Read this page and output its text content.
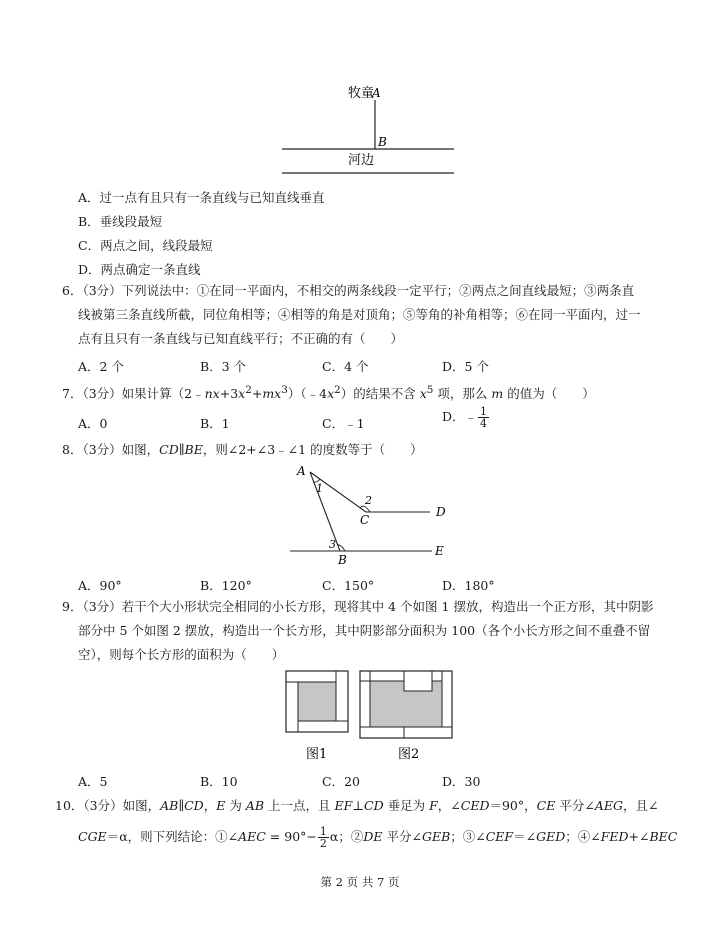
牧童
A
B
河边
A．过一点有且只有一条直线与已知直线垂直
B．垂线段最短
C．两点之间，线段最短
D．两点确定一条直线
6．（3分）下列说法中：①在同一平面内，不相交的两条线段一定平行；②两点之间直线最短；③两条直
线被第三条直线所截，同位角相等；④相等的角是对顶角；⑤等角的补角相等；⑥在同一平面内，过一
点有且只有一条直线与已知直线平行；不正确的有（　　）
A．2 个	B．3 个	C．4 个	D．5 个
7．（3分）如果计算$(2﹣nx+3x^2+mx^3)(﹣4x^2)$的结果不含 $x^5$ 项，那么 m 的值为（　　）
A．0	B．1	C．﹣1	D．﹣ $\frac{1}{4}$
8．（3分）如图，CD∥BE，则∠2+∠3﹣∠1 的度数等于（　　）
A
1
2
C
D
3
B
E
A．90°	B．120°	C．150°	D．180°
9．（3分）若干个大小形状完全相同的小长方形，现将其中 4 个如图 1 摆放，构造出一个正方形，其中阴影
部分中 5 个如图 2 摆放，构造出一个长方形，其中阴影部分面积为 100（各个小长方形之间不重叠不留
空），则每个长方形的面积为（　　）
图1	图2
A．5	B．10	C．20	D．30
10．（3分）如图，AB∥CD，E 为 AB 上一点，且 EF⊥CD 垂足为 F，∠CED＝90°，CE 平分∠AEG，且∠
CGE＝α，则下列结论：①∠AEC = $90^\circ- \frac{1}{2}$ α；②DE 平分∠GEB；③∠CEF＝∠GED；④∠FED+∠BEC
第 2 页 共 7 页
